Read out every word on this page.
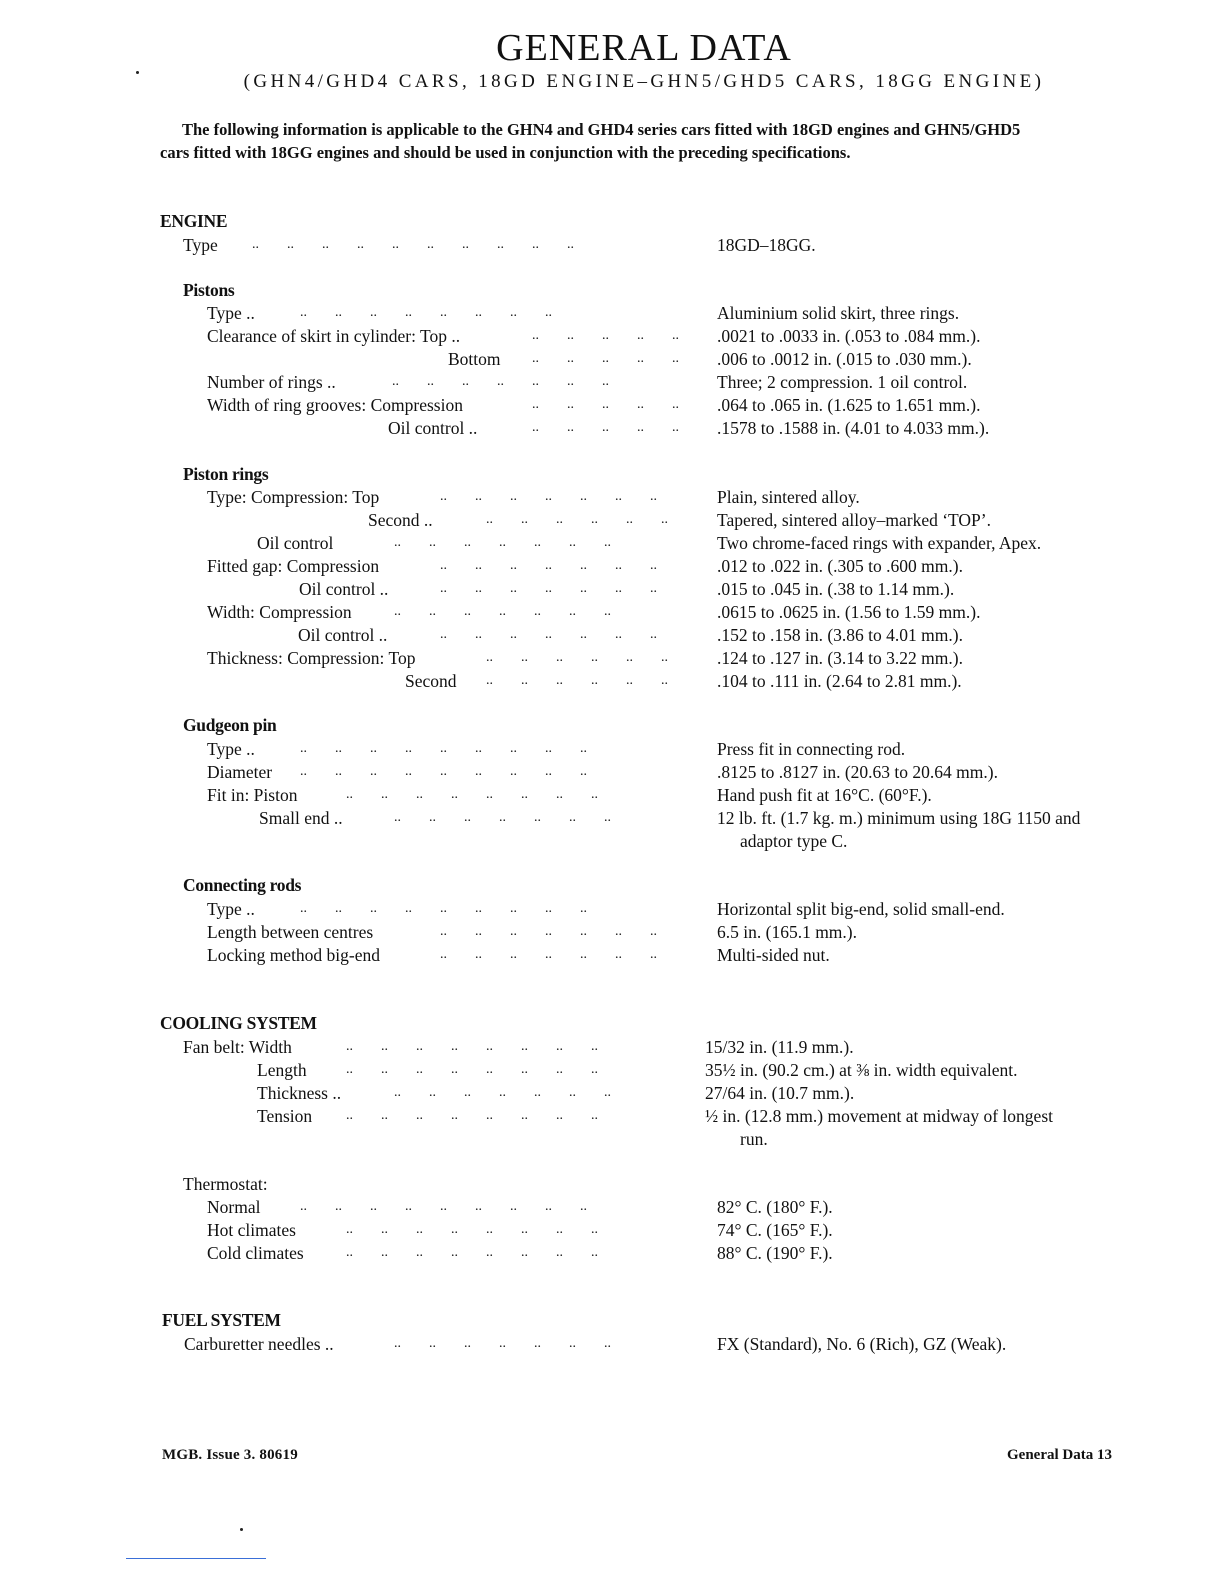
GENERAL DATA
(GHN4/GHD4 CARS, 18GD ENGINE–GHN5/GHD5 CARS, 18GG ENGINE)
The following information is applicable to the GHN4 and GHD4 series cars fitted with 18GD engines and GHN5/GHD5
cars fitted with 18GG engines and should be used in conjunction with the preceding specifications.
ENGINE
Type ..        ..        ..        ..        ..        ..        ..        ..        ..        ..	18GD–18GG.
Pistons
Type ..	..        ..        ..        ..        ..        ..        ..        ..	Aluminium solid skirt, three rings.
Clearance of skirt in cylinder: Top ..	..        ..        ..        ..        .. .0021 to .0033 in. (.053 to .084 mm.).
Bottom ..        ..        ..        ..        .. .006 to .0012 in. (.015 to .030 mm.).
Number of rings ..	..        ..        ..        ..        ..        ..        ..	Three; 2 compression. 1 oil control.
Width of ring grooves: Compression	..        ..        ..        ..        .. .064 to .065 in. (1.625 to 1.651 mm.).
Oil control ..	..        ..        ..        ..        .. .1578 to .1588 in. (4.01 to 4.033 mm.).
Piston rings
Type: Compression: Top	..        ..        ..        ..        ..        ..        ..	Plain, sintered alloy.
Second ..	..        ..        ..        ..        ..        ..	Tapered, sintered alloy–marked ‘TOP’.
Oil control	..        ..        ..        ..        ..        ..        ..	Two chrome-faced rings with expander, Apex.
Fitted gap: Compression	..        ..        ..        ..        ..        ..        ..	.012 to .022 in. (.305 to .600 mm.).
Oil control ..	..        ..        ..        ..        ..        ..        ..	.015 to .045 in. (.38 to 1.14 mm.).
Width: Compression	..        ..        ..        ..        ..        ..        ..	.0615 to .0625 in. (1.56 to 1.59 mm.).
Oil control ..	..        ..        ..        ..        ..        ..        ..	.152 to .158 in. (3.86 to 4.01 mm.).
Thickness: Compression: Top	..        ..        ..        ..        ..        ..	.124 to .127 in. (3.14 to 3.22 mm.).
Second ..        ..        ..        ..        ..        ..	.104 to .111 in. (2.64 to 2.81 mm.).
Gudgeon pin
Type ..	..        ..        ..        ..        ..        ..        ..        ..        ..	Press fit in connecting rod.
Diameter ..        ..        ..        ..        ..        ..        ..        ..        ..	.8125 to .8127 in. (20.63 to 20.64 mm.).
Fit in: Piston	..        ..        ..        ..        ..        ..        ..        ..	Hand push fit at 16°C. (60°F.).
Small end ..	..        ..        ..        ..        ..        ..        ..	12 lb. ft. (1.7 kg. m.) minimum using 18G 1150 and
adaptor type C.
Connecting rods
Type ..	..        ..        ..        ..        ..        ..        ..        ..        ..	Horizontal split big-end, solid small-end.
Length between centres	..        ..        ..        ..        ..        ..        ..	6.5 in. (165.1 mm.).
Locking method big-end	..        ..        ..        ..        ..        ..        ..	Multi-sided nut.
COOLING SYSTEM
Fan belt: Width	..        ..        ..        ..        ..        ..        ..        ..	15/32 in. (11.9 mm.).
Length	..        ..        ..        ..        ..        ..        ..        ..	35½ in. (90.2 cm.) at ⅜ in. width equivalent.
Thickness ..	..        ..        ..        ..        ..        ..        ..	27/64 in. (10.7 mm.).
Tension ..        ..        ..        ..        ..        ..        ..        ..	½ in. (12.8 mm.) movement at midway of longest
run.
Thermostat:
Normal	..        ..        ..        ..        ..        ..        ..        ..        ..	82° C. (180° F.).
Hot climates	..        ..        ..        ..        ..        ..        ..        ..	74° C. (165° F.).
Cold climates	..        ..        ..        ..        ..        ..        ..        ..	88° C. (190° F.).
FUEL SYSTEM
Carburetter needles ..	..        ..        ..        ..        ..        ..        ..	FX (Standard), No. 6 (Rich), GZ (Weak).
MGB. Issue 3. 80619	General Data 13
